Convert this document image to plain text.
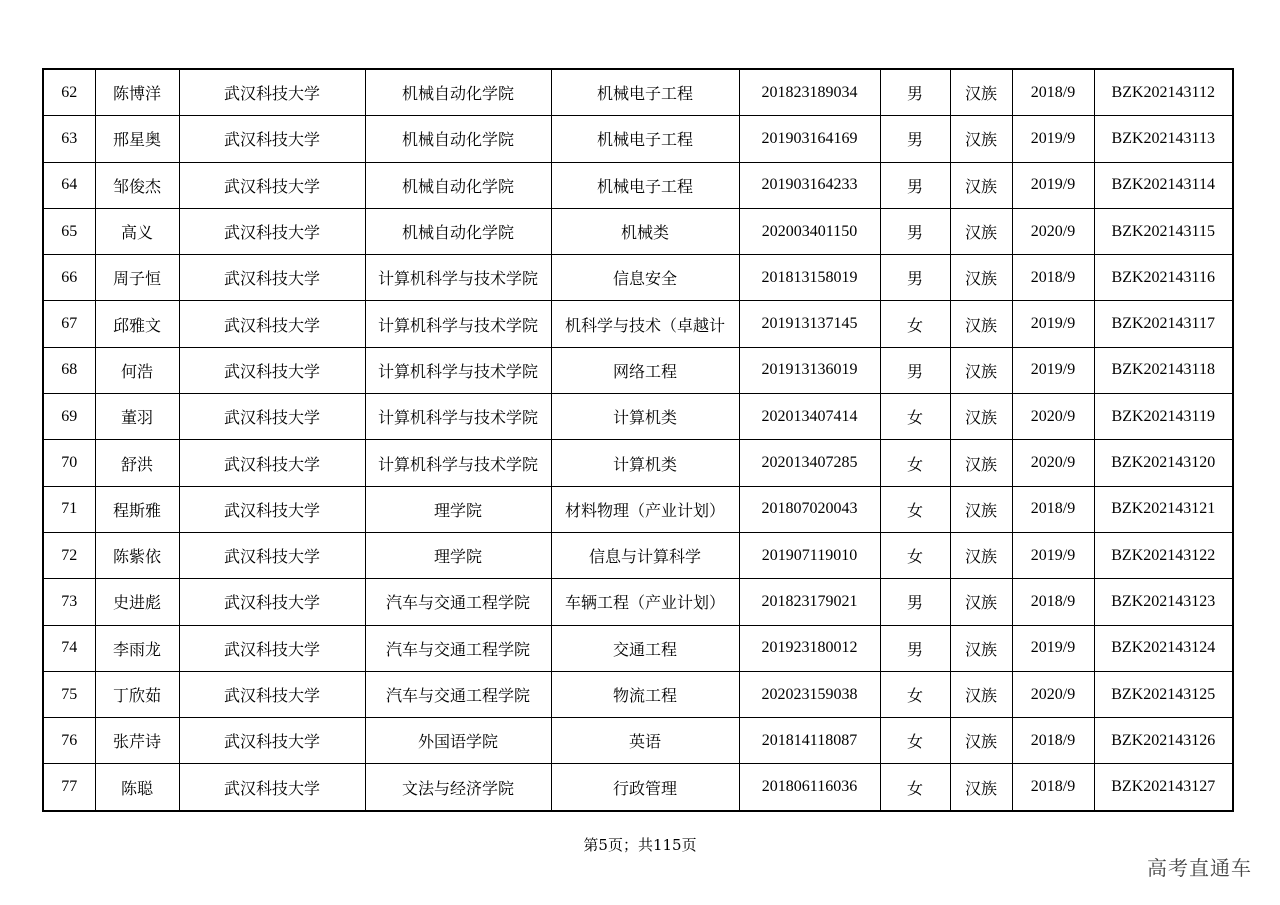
62	陈博洋	武汉科技大学	机械自动化学院	机械电子工程	201823189034	男	汉族	2018/9	BZK202143112
63	邢星奥	武汉科技大学	机械自动化学院	机械电子工程	201903164169	男	汉族	2019/9	BZK202143113
64	邹俊杰	武汉科技大学	机械自动化学院	机械电子工程	201903164233	男	汉族	2019/9	BZK202143114
65	高义	武汉科技大学	机械自动化学院	机械类	202003401150	男	汉族	2020/9	BZK202143115
66	周子恒	武汉科技大学	计算机科学与技术学院	信息安全	201813158019	男	汉族	2018/9	BZK202143116
67	邱雅文	武汉科技大学	计算机科学与技术学院	机科学与技术（卓越计	201913137145	女	汉族	2019/9	BZK202143117
68	何浩	武汉科技大学	计算机科学与技术学院	网络工程	201913136019	男	汉族	2019/9	BZK202143118
69	董羽	武汉科技大学	计算机科学与技术学院	计算机类	202013407414	女	汉族	2020/9	BZK202143119
70	舒洪	武汉科技大学	计算机科学与技术学院	计算机类	202013407285	女	汉族	2020/9	BZK202143120
71	程斯雅	武汉科技大学	理学院	材料物理（产业计划）	201807020043	女	汉族	2018/9	BZK202143121
72	陈紫依	武汉科技大学	理学院	信息与计算科学	201907119010	女	汉族	2019/9	BZK202143122
73	史进彪	武汉科技大学	汽车与交通工程学院	车辆工程（产业计划）	201823179021	男	汉族	2018/9	BZK202143123
74	李雨龙	武汉科技大学	汽车与交通工程学院	交通工程	201923180012	男	汉族	2019/9	BZK202143124
75	丁欣茹	武汉科技大学	汽车与交通工程学院	物流工程	202023159038	女	汉族	2020/9	BZK202143125
76	张芹诗	武汉科技大学	外国语学院	英语	201814118087	女	汉族	2018/9	BZK202143126
77	陈聪	武汉科技大学	文法与经济学院	行政管理	201806116036	女	汉族	2018/9	BZK202143127
第5页；共115页
高考直通车
